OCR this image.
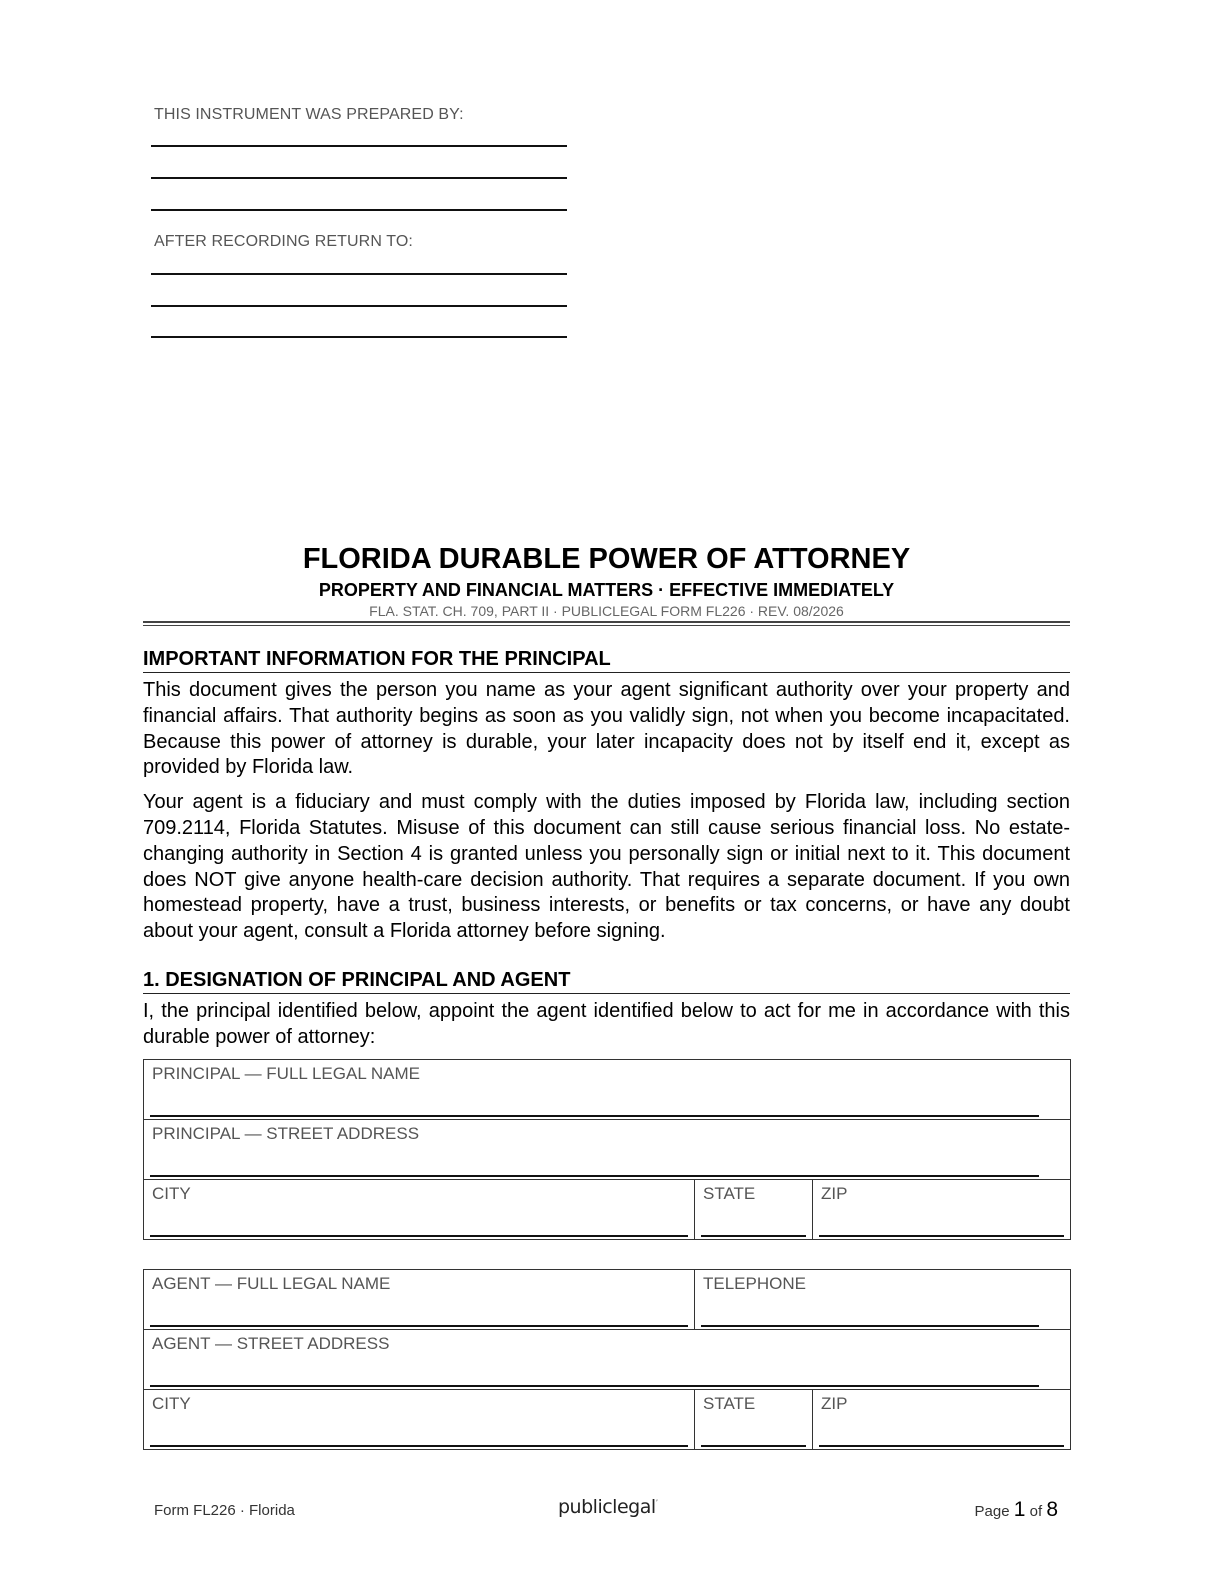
THIS INSTRUMENT WAS PREPARED BY:
AFTER RECORDING RETURN TO:
FLORIDA DURABLE POWER OF ATTORNEY
PROPERTY AND FINANCIAL MATTERS · EFFECTIVE IMMEDIATELY
FLA. STAT. CH. 709, PART II · PUBLICLEGAL FORM FL226 · REV. 08/2026
IMPORTANT INFORMATION FOR THE PRINCIPAL

This document gives the person you name as your agent significant authority over your property and financial affairs. That authority begins as soon as you validly sign, not when you become incapacitated. Because this power of attorney is durable, your later incapacity does not by itself end it, except as provided by Florida law.

Your agent is a fiduciary and must comply with the duties imposed by Florida law, including section 709.2114, Florida Statutes. Misuse of this document can still cause serious financial loss. No estate-changing authority in Section 4 is granted unless you personally sign or initial next to it. This document does NOT give anyone health-care decision authority. That requires a separate document. If you own homestead property, have a trust, business interests, or benefits or tax concerns, or have any doubt about your agent, consult a Florida attorney before signing.

1. DESIGNATION OF PRINCIPAL AND AGENT

I, the principal identified below, appoint the agent identified below to act for me in accordance with this durable power of attorney:

PRINCIPAL — FULL LEGAL NAME

PRINCIPAL — STREET ADDRESS

CITY	STATE	ZIP
AGENT — FULL LEGAL NAME	TELEPHONE	

AGENT — STREET ADDRESS		

CITY	STATE	ZIP
Form FL226 · Florida	publiclegal’	Page 1 of 8
